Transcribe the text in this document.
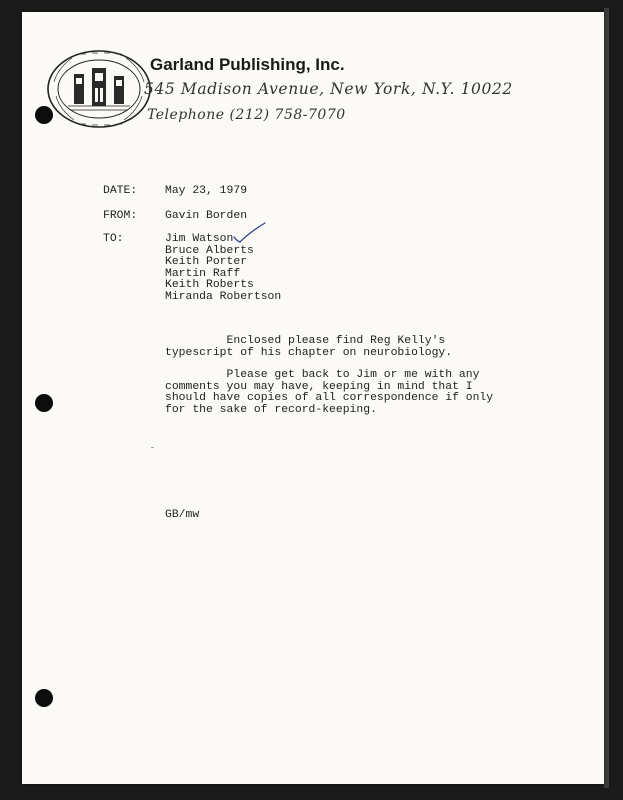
Garland Publishing, Inc.
545 Madison Avenue, New York, N.Y. 10022
Telephone (212) 758-7070
DATE: May 23, 1979
FROM: Gavin Borden
TO:	Jim Watson
Bruce Alberts
Keith Porter
Martin Raff
Keith Roberts
Miranda Robertson
Enclosed please find Reg Kelly's
typescript of his chapter on neurobiology.
Please get back to Jim or me with any
comments you may have, keeping in mind that I
should have copies of all correspondence if only
for the sake of record-keeping.
GB/mw
